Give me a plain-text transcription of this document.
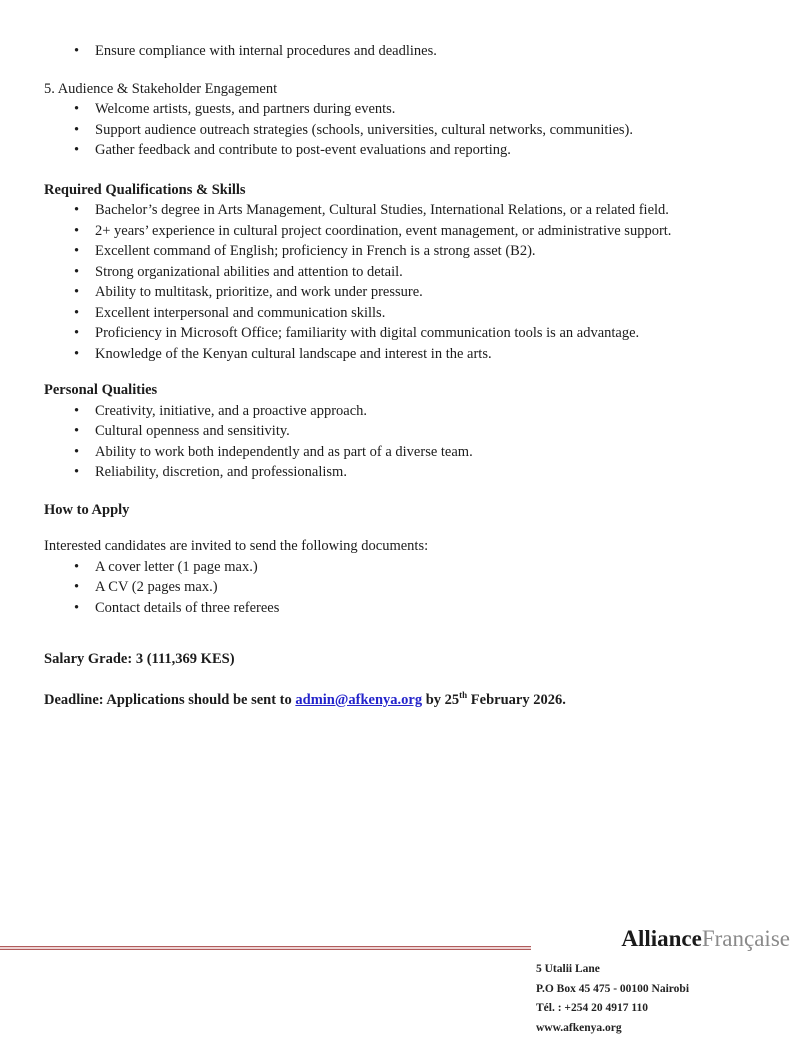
• Ensure compliance with internal procedures and deadlines.

5. Audience & Stakeholder Engagement

• Welcome artists, guests, and partners during events.
• Support audience outreach strategies (schools, universities, cultural networks, communities).
• Gather feedback and contribute to post-event evaluations and reporting.

Required Qualifications & Skills

• Bachelor’s degree in Arts Management, Cultural Studies, International Relations, or a related field.
• 2+ years’ experience in cultural project coordination, event management, or administrative support.
• Excellent command of English; proficiency in French is a strong asset (B2).
• Strong organizational abilities and attention to detail.
• Ability to multitask, prioritize, and work under pressure.
• Excellent interpersonal and communication skills.
• Proficiency in Microsoft Office; familiarity with digital communication tools is an advantage.
• Knowledge of the Kenyan cultural landscape and interest in the arts.

Personal Qualities

• Creativity, initiative, and a proactive approach.
• Cultural openness and sensitivity.
• Ability to work both independently and as part of a diverse team.
• Reliability, discretion, and professionalism.

How to Apply

Interested candidates are invited to send the following documents:

• A cover letter (1 page max.)
• A CV (2 pages max.)
• Contact details of three referees

Salary Grade: 3 (111,369 KES)

Deadline: Applications should be sent to admin@afkenya.org by 25th February 2026.

AllianceFrançaise
5 Utalii Lane
P.O Box 45 475 - 00100 Nairobi
Tél. : +254 20 4917 110
www.afkenya.org
